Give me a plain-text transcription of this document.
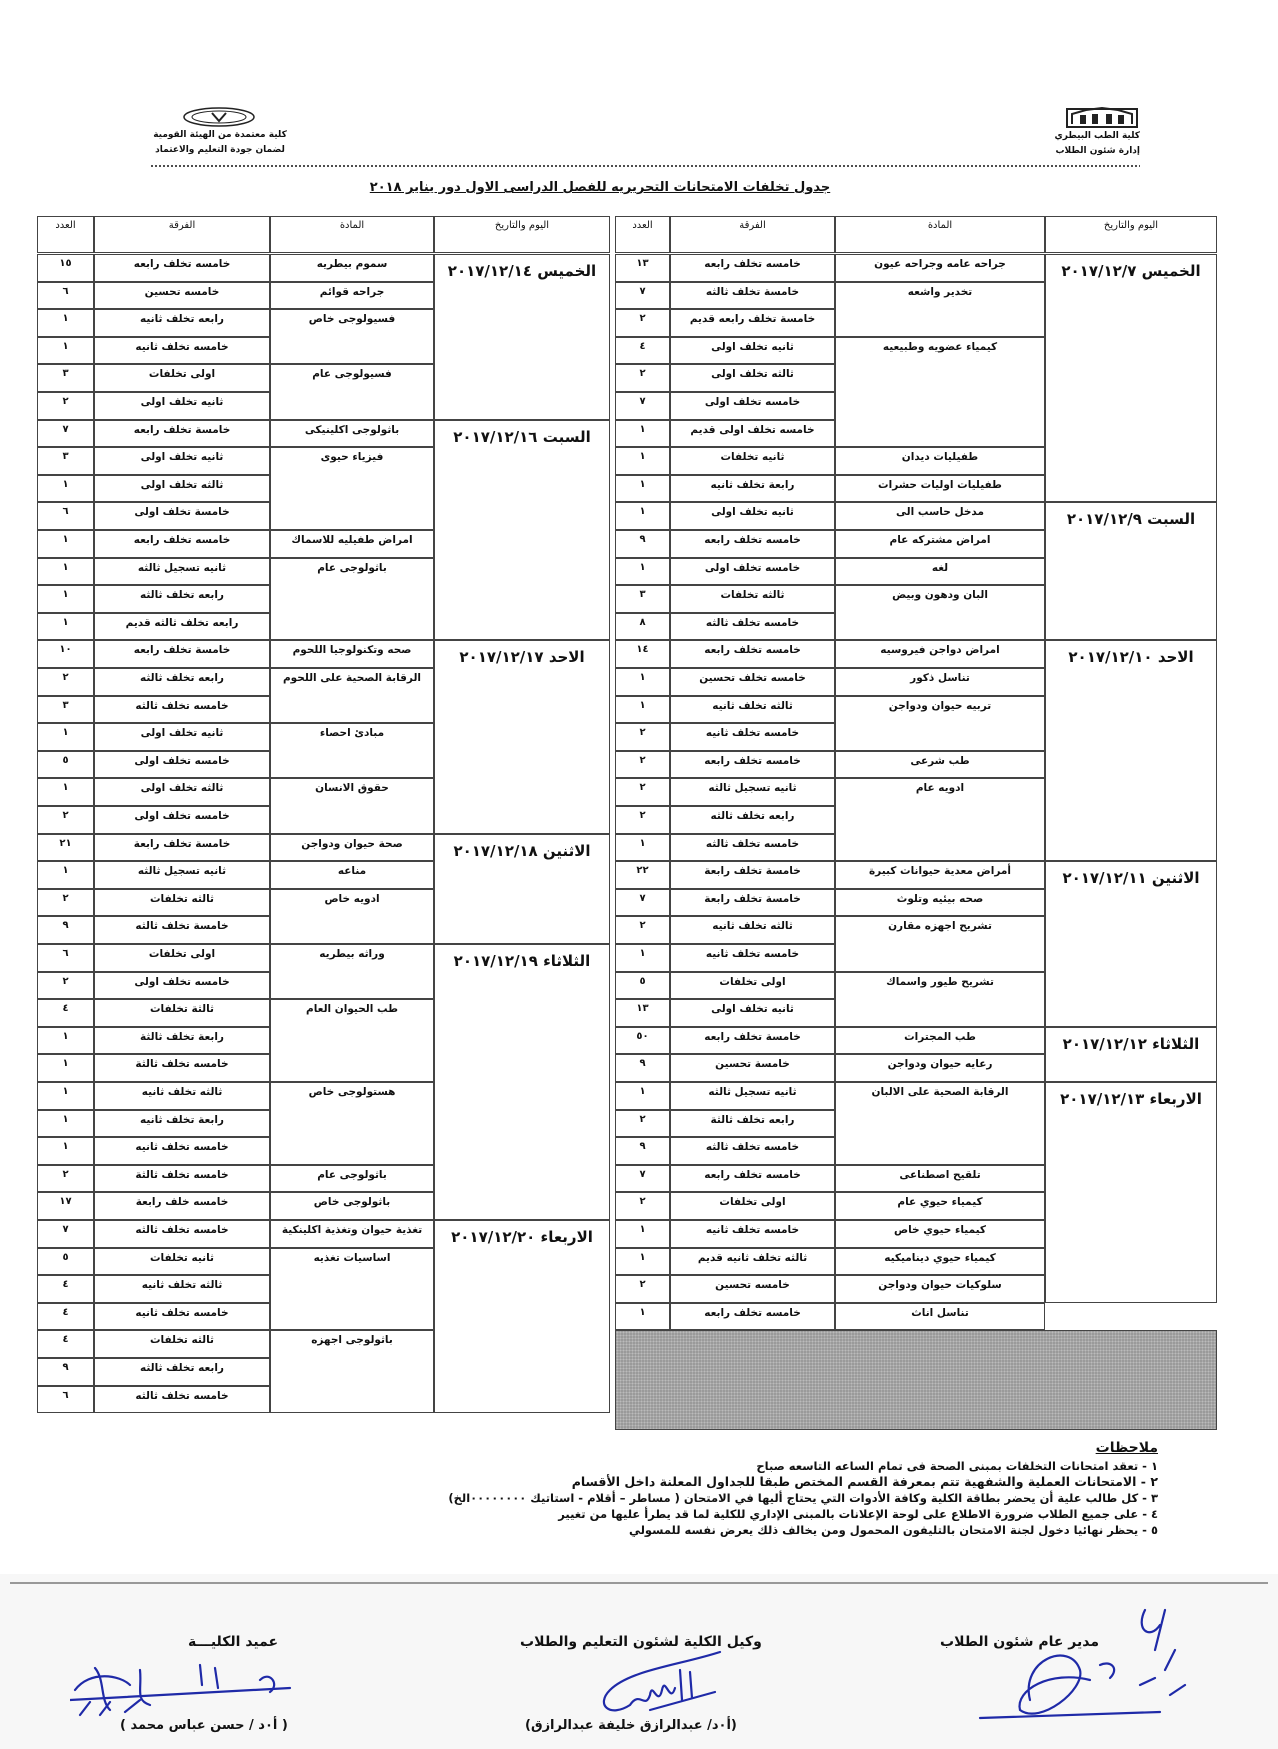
كلية الطب البيطري
إدارة شئون الطلاب
كلية معتمدة من الهيئة القومية
لضمان جودة التعليم والاعتماد
جدول تخلفات الامتحانات التحريريه للفصل الدراسى الاول دور يناير ٢٠١٨
اليوم والتاريخ
المادة
الفرقة
العدد
الخميس ٢٠١٧/١٢/٧
السبت ٢٠١٧/١٢/٩
الاحد ٢٠١٧/١٢/١٠
الاثنين ٢٠١٧/١٢/١١
الثلاثاء ٢٠١٧/١٢/١٢
الاربعاء ٢٠١٧/١٢/١٣
جراحه عامه وجراحه عيون
تخدير واشعه
كيمياء عضويه وطبيعيه
طفيليات ديدان
طفيليات اوليات حشرات
مدخل حاسب الى
امراض مشتركه عام
لغه
البان ودهون وبيض
امراض دواجن فيروسيه
تناسل ذكور
تربيه حيوان ودواجن
طب شرعى
ادويه عام
أمراض معدية حيوانات كبيرة
صحه بيئيه وتلوث
تشريح اجهزه مقارن
تشريح طيور واسماك
طب المجترات
رعايه حيوان ودواجن
الرقابة الصحية على الالبان
تلقيح اصطناعى
كيمياء حيوي عام
كيمياء حيوي خاص
كيمياء حيوي ديناميكيه
سلوكيات حيوان ودواجن
تناسل اناث
خامسه تخلف رابعه
١٣
خامسة تخلف ثالثه
٧
خامسة تخلف رابعه قديم
٢
ثانيه تخلف اولى
٤
ثالثه تخلف اولى
٢
خامسه تخلف اولى
٧
خامسه تخلف اولى قديم
١
ثانيه تخلفات
١
رابعة تخلف ثانيه
١
ثانيه تخلف اولى
١
خامسه تخلف رابعه
٩
خامسه تخلف اولى
١
ثالثه تخلفات
٣
خامسه تخلف ثالثه
٨
خامسه تخلف رابعه
١٤
خامسه تخلف تحسين
١
ثالثه تخلف ثانيه
١
خامسه تخلف ثانيه
٢
خامسه تخلف رابعه
٢
ثانيه تسجيل ثالثه
٢
رابعه تخلف ثالثه
٢
خامسه تخلف ثالثه
١
خامسة تخلف رابعة
٢٢
خامسة تخلف رابعة
٧
ثالثه تخلف ثانيه
٢
خامسه تخلف ثانيه
١
اولى تخلفات
٥
ثانيه تخلف اولى
١٣
خامسة تخلف رابعه
٥٠
خامسة تحسين
٩
ثانيه تسجيل ثالثه
١
رابعه تخلف ثالثة
٢
خامسه تخلف ثالثه
٩
خامسه تخلف رابعه
٧
اولى تخلفات
٢
خامسه تخلف ثانيه
١
ثالثه تخلف ثانيه قديم
١
خامسه تحسين
٢
خامسه تخلف رابعه
١
اليوم والتاريخ
المادة
الفرقة
العدد
الخميس ٢٠١٧/١٢/١٤
السبت ٢٠١٧/١٢/١٦
الاحد ٢٠١٧/١٢/١٧
الاثنين ٢٠١٧/١٢/١٨
الثلاثاء ٢٠١٧/١٢/١٩
الاربعاء ٢٠١٧/١٢/٢٠
سموم بيطريه
جراحه قوائم
فسيولوجى خاص
فسيولوجى عام
باثولوجى اكلينيكى
فيزياء حيوى
امراض طفيليه للاسماك
باثولوجى عام
صحه وتكنولوجيا اللحوم
الرقابة الصحية على اللحوم
مبادئ احصاء
حقوق الانسان
صحة حيوان ودواجن
مناعه
ادويه خاص
وراثه بيطريه
طب الحيوان العام
هستولوجى خاص
باثولوجى عام
باثولوجى خاص
تغذية حيوان وتغذية اكلينكية
اساسيات تغذيه
باثولوجى اجهزه
خامسه تخلف رابعه
١٥
خامسه تحسين
٦
رابعه تخلف ثانيه
١
خامسه تخلف ثانيه
١
اولى تخلفات
٣
ثانيه تخلف اولى
٢
خامسة تخلف رابعه
٧
ثانيه تخلف اولى
٣
ثالثه تخلف اولى
١
خامسة تخلف اولى
٦
خامسه تخلف رابعه
١
ثانيه تسجيل ثالثه
١
رابعه تخلف ثالثه
١
رابعه تخلف ثالثه قديم
١
خامسة تخلف رابعه
١٠
رابعه تخلف ثالثه
٢
خامسه تخلف ثالثه
٣
ثانيه تخلف اولى
١
خامسه تخلف اولى
٥
ثالثه تخلف اولى
١
خامسه تخلف اولى
٢
خامسة تخلف رابعة
٢١
ثانيه تسجيل ثالثه
١
ثالثه تخلفات
٢
خامسة تخلف ثالثه
٩
اولى تخلفات
٦
خامسه تخلف اولى
٢
ثالثة تخلفات
٤
رابعة تخلف ثالثة
١
خامسه تخلف ثالثة
١
ثالثه تخلف ثانيه
١
رابعة تخلف ثانيه
١
خامسه تخلف ثانيه
١
خامسه تخلف ثالثة
٢
خامسه خلف رابعة
١٧
خامسه تخلف ثالثه
٧
ثانيه تخلفات
٥
ثالثه تخلف ثانيه
٤
خامسه تخلف ثانيه
٤
ثالثه تخلفات
٤
رابعه تخلف ثالثه
٩
خامسه تخلف ثالثه
٦
ملاحظات
١ - تعقد امتحانات التخلفات بمبنى الصحة فى تمام الساعه التاسعه صباح
٢ - الامتحانات العملية والشفهية تتم بمعرفة القسم المختص طبقا للجداول المعلنة داخل الأقسام
٣ - كل طالب علية أن يحضر بطاقة الكلية وكافة الأدوات التي يحتاج أليها في الامتحان ( مساطر – أقلام - استاتيك ٠٠٠٠٠٠٠٠الخ)
٤ - على جميع الطلاب ضرورة الاطلاع على لوحة الإعلانات بالمبنى الإداري للكلية لما قد يطرأ عليها من تغيير
٥ - يحظر نهائيا دخول لجنة الامتحان بالتليفون المحمول ومن يخالف ذلك يعرض نفسه للمسولي
مدير عام شئون الطلاب
وكيل الكلية لشئون التعليم والطلاب
(أ٠د/ عبدالرازق خليفة عبدالرازق)
عميد الكليـــة
( أ٠د / حسن عباس محمد )
